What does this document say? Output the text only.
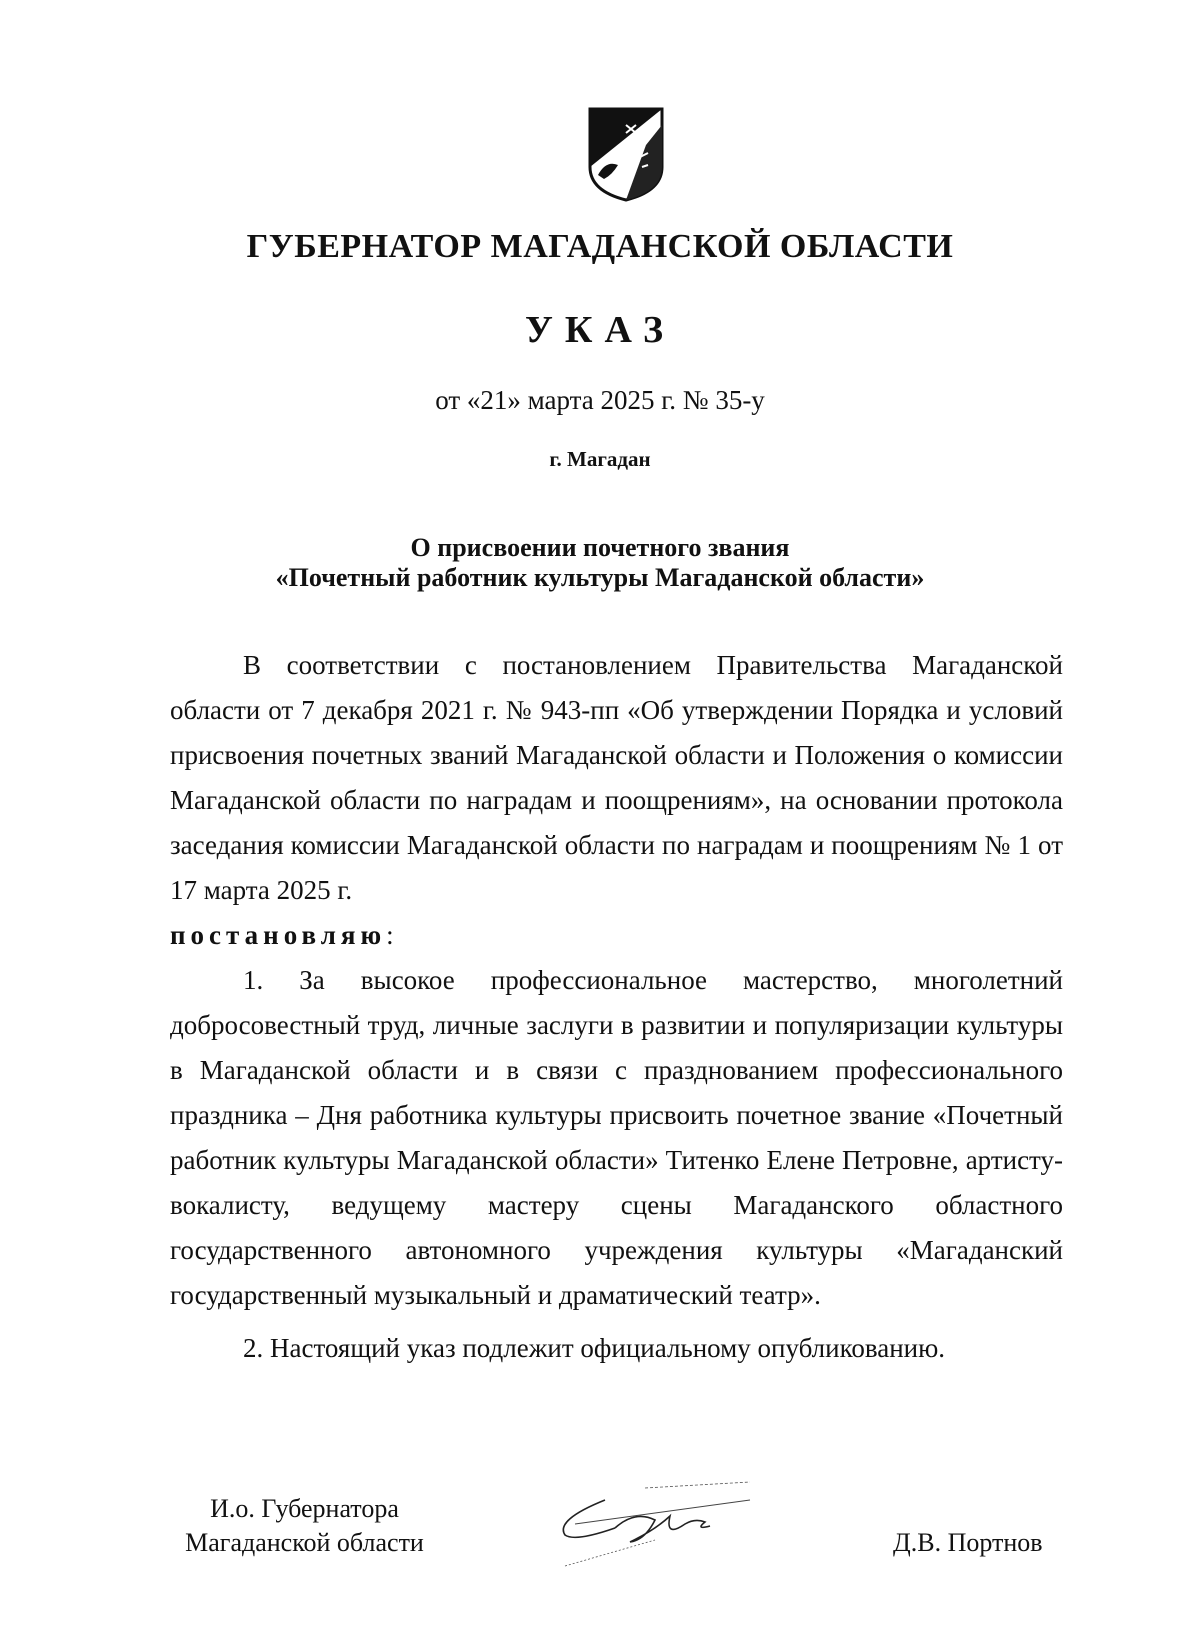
ГУБЕРНАТОР МАГАДАНСКОЙ ОБЛАСТИ
УКАЗ
от «21» марта 2025 г. № 35-у
г. Магадан
О присвоении почетного звания
«Почетный работник культуры Магаданской области»

В соответствии с постановлением Правительства Магаданской области от 7 декабря 2021 г. № 943-пп «Об утверждении Порядка и условий присвоения почетных званий Магаданской области и Положения о комиссии Магаданской области по наградам и поощрениям», на основании протокола заседания комиссии Магаданской области по наградам и поощрениям № 1 от 17 марта 2025 г.

постановляю:

1. За высокое профессиональное мастерство, многолетний добросовестный труд, личные заслуги в развитии и популяризации культуры в Магаданской области и в связи с празднованием профессионального праздника – Дня работника культуры присвоить почетное звание «Почетный работник культуры Магаданской области» Титенко Елене Петровне, артисту-вокалисту, ведущему мастеру сцены Магаданского областного государственного автономного учреждения культуры «Магаданский государственный музыкальный и драматический театр».

2. Настоящий указ подлежит официальному опубликованию.

И.о. Губернатора
Магаданской области	Д.В. Портнов
